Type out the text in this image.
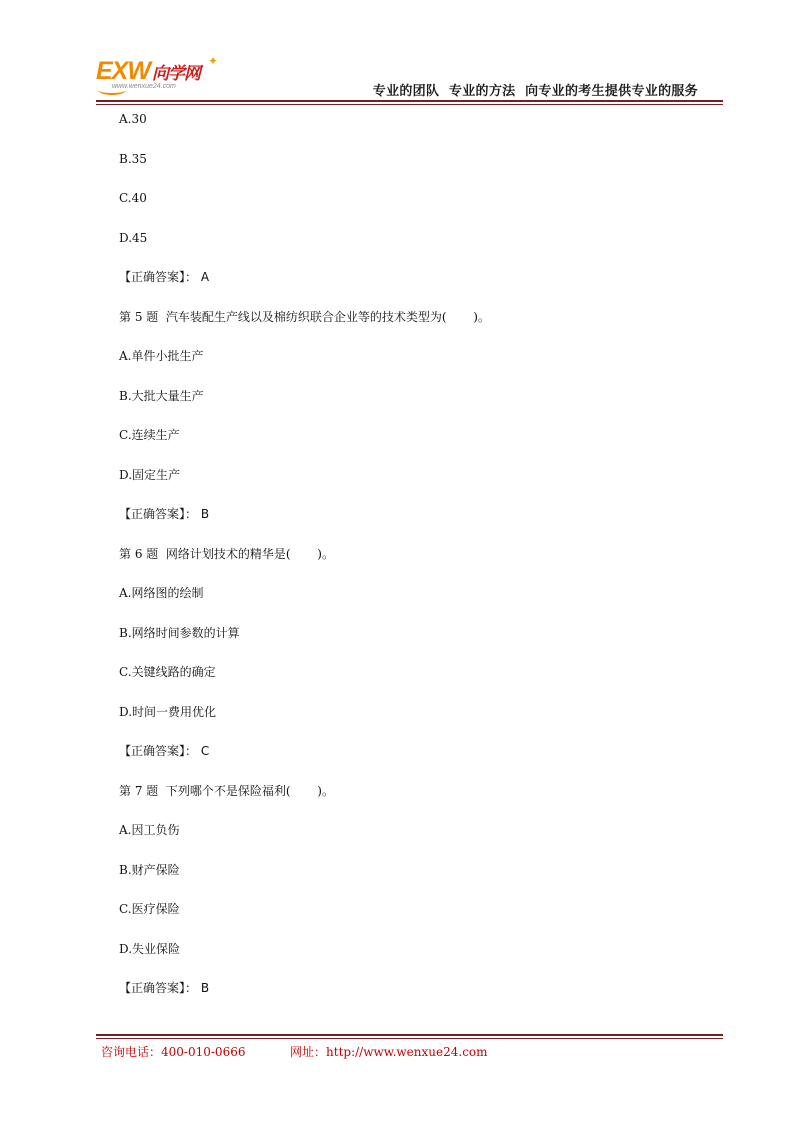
EXW 向学网
✦
www.wenxue24.com	专业的团队  专业的方法  向专业的考生提供专业的服务
A.30
B.35
C.40
D.45
【正确答案】： A
第 5 题  汽车装配生产线以及棉纺织联合企业等的技术类型为(       )。
A.单件小批生产
B.大批大量生产
C.连续生产
D.固定生产
【正确答案】： B
第 6 题  网络计划技术的精华是(       )。
A.网络图的绘制
B.网络时间参数的计算
C.关键线路的确定
D.时间一费用优化
【正确答案】： C
第 7 题  下列哪个不是保险福利(       )。
A.因工负伤
B.财产保险
C.医疗保险
D.失业保险
【正确答案】： B
咨询电话：400-010-0666	网址：http://www.wenxue24.com
